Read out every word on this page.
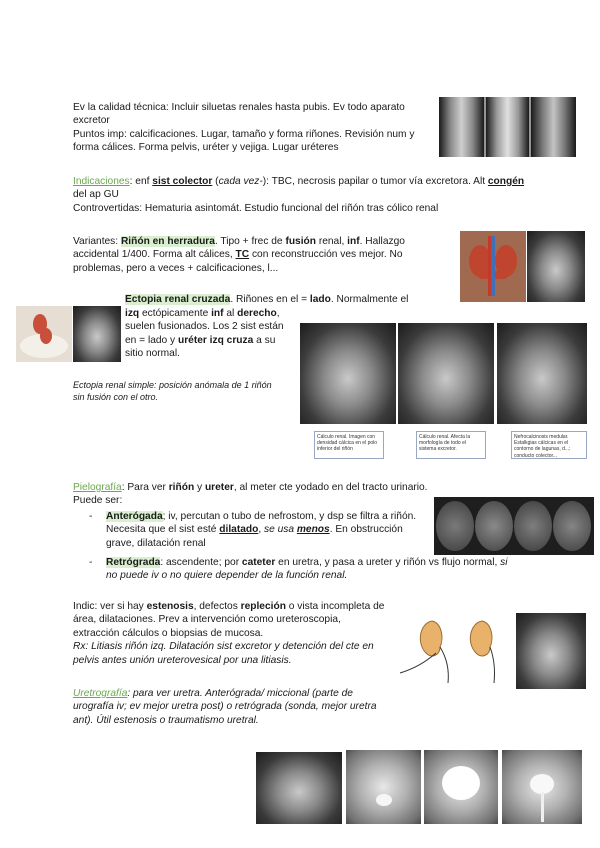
Ev la calidad técnica: Incluir siluetas renales hasta pubis. Ev todo aparato excretor
Puntos imp: calcificaciones. Lugar, tamaño y forma riñones. Revisión num y forma cálices. Forma pelvis, uréter y vejiga. Lugar uréteres
Indicaciones: enf sist colector (cada vez-): TBC, necrosis papilar o tumor vía excretora. Alt congén del ap GU
Controvertidas: Hematuria asintomát. Estudio funcional del riñón tras cólico renal
Variantes: Riñón en herradura. Tipo + frec de fusión renal, inf. Hallazgo accidental 1/400. Forma alt cálices, TC con reconstrucción ves mejor. No problemas, pero a veces + calcificaciones, l...
Ectopia renal cruzada. Riñones en el = lado. Normalmente el
izq ectópicamente inf al derecho, suelen fusionados. Los 2 sist están en = lado y uréter izq cruza a su sitio normal.
Ectopia renal simple: posición anómala de 1 riñón sin fusión con el otro.
Cálculo renal. Imagen con densidad cálcica en el polo inferior del riñón
Cálculo renal. Afecta la morfología de todo el sistema excretor.
Nefrocalcinosis medular. Estalkgias cálcicas en el contorno de lagunas, d...; conducto colector...
Pielografía: Para ver riñón y ureter, al meter cte yodado en del tracto urinario. Puede ser:
- Anterógada; iv, percutan o tubo de nefrostom, y dsp se filtra a riñón. Necesita que el sist esté dilatado, se usa menos. En obstrucción grave, dilatación renal
- Retrógrada: ascendente; por cateter en uretra, y pasa a ureter y riñón vs flujo normal, si no puede iv o no quiere depender de la función renal.
Indic: ver si hay estenosis, defectos repleción o vista incompleta de área, dilataciones. Prev a intervención como ureteroscopia, extracción cálculos o biopsias de mucosa.
Rx: Litiasis riñón izq. Dilatación sist excretor y detención del cte en pelvis antes unión ureterovesical por una litiasis.
Uretrografía: para ver uretra. Anterógrada/ miccional (parte de urografía iv; ev mejor uretra post) o retrógrada (sonda, mejor uretra ant). Útil estenosis o traumatismo uretral.
